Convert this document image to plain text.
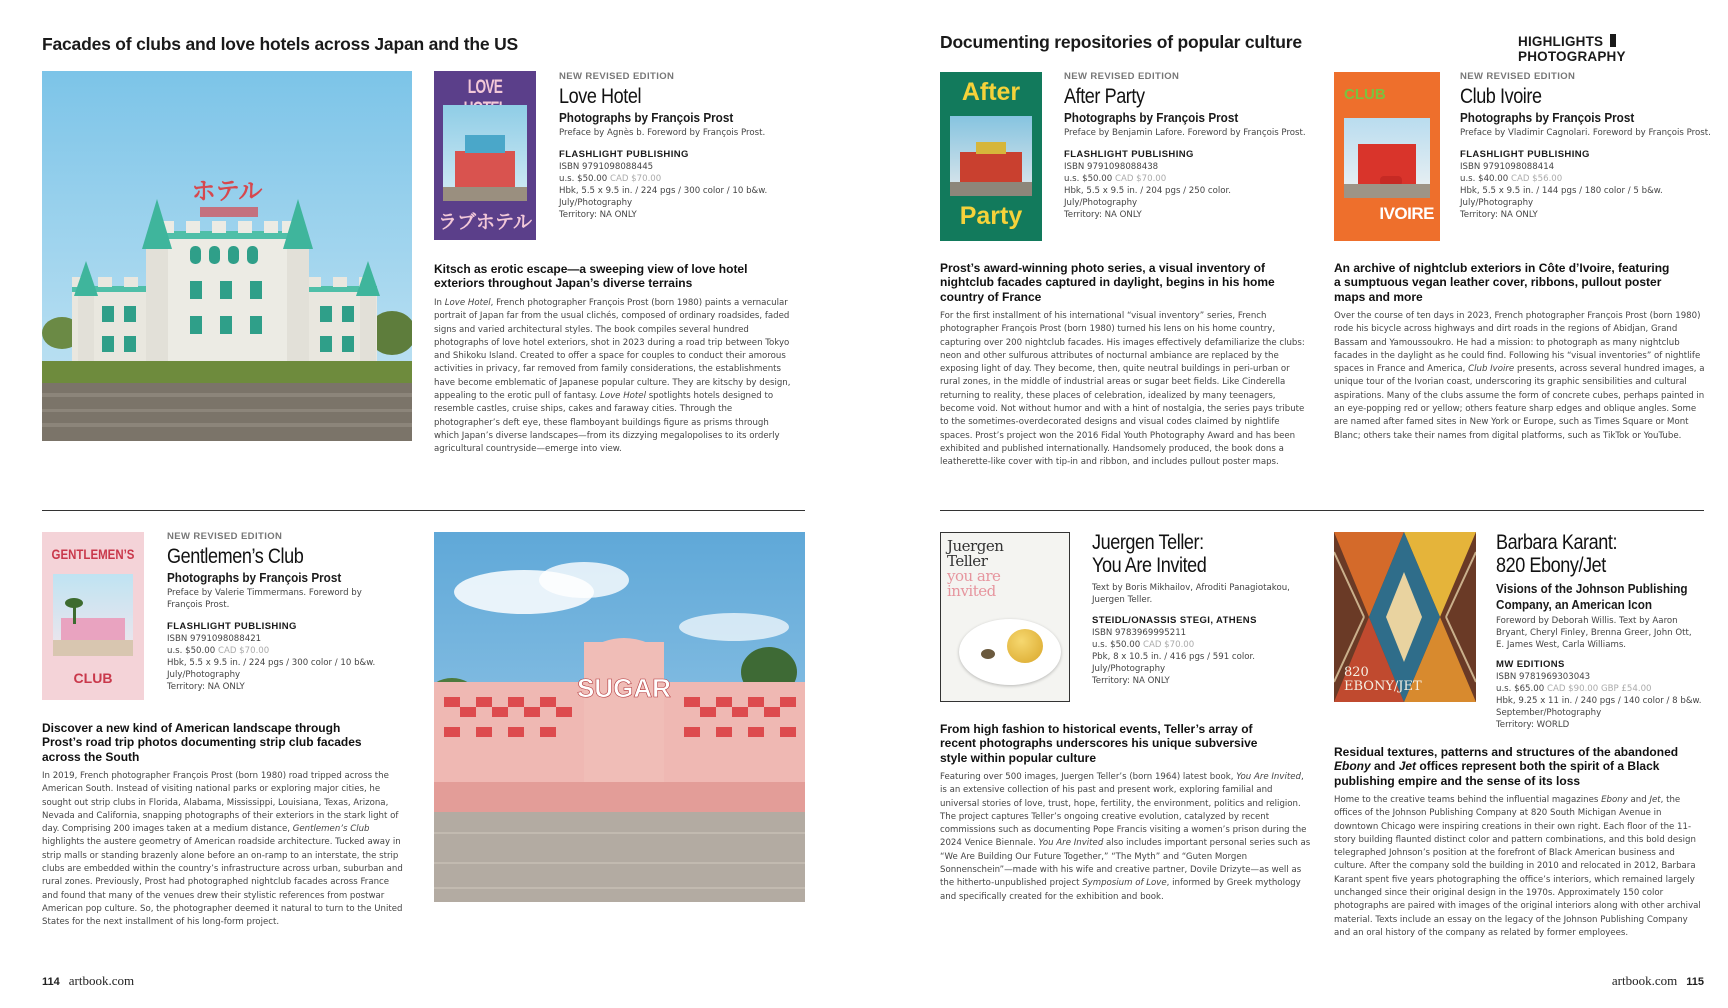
HIGHLIGHTSPHOTOGRAPHY
Facades of clubs and love hotels across Japan and the US
ホテル
LOVE
ラブホテル
NEW REVISED EDITION
Love Hotel
Photographs by François Prost
Preface by Agnès b. Foreword by François Prost.
FLASHLIGHT PUBLISHING
ISBN 9791098088445
u.s. $50.00 CAD $70.00
Hbk, 5.5 x 9.5 in. / 224 pgs / 300 color / 10 b&w.
July/Photography
Territory: NA ONLY
Kitsch as erotic escape—a sweeping view of love hotel exteriors throughout Japan’s diverse terrains
In Love Hotel, French photographer François Prost (born 1980) paints a vernacular portrait of Japan far from the usual clichés, composed of ordinary roadsides, faded signs and varied architectural styles. The book compiles several hundred photographs of love hotel exteriors, shot in 2023 during a road trip between Tokyo and Shikoku Island. Created to offer a space for couples to conduct their amorous activities in privacy, far removed from family considerations, the establishments have become emblematic of Japanese popular culture. They are kitschy by design, appealing to the erotic pull of fantasy. Love Hotel spotlights hotels designed to resemble castles, cruise ships, cakes and faraway cities. Through the photographer’s deft eye, these flamboyant buildings figure as prisms through which Japan’s diverse landscapes—from its dizzying megalopolises to its orderly agricultural countryside—emerge into view.
GENTLEMEN’S
CLUB
NEW REVISED EDITION
Gentlemen’s Club
Photographs by François Prost
Preface by Valerie Timmermans. Foreword by François Prost.
FLASHLIGHT PUBLISHING
ISBN 9791098088421
u.s. $50.00 CAD $70.00
Hbk, 5.5 x 9.5 in. / 224 pgs / 300 color / 10 b&w.
July/Photography
Territory: NA ONLY
Discover a new kind of American landscape through Prost’s road trip photos documenting strip club facades across the South
In 2019, French photographer François Prost (born 1980) road tripped across the American South. Instead of visiting national parks or exploring major cities, he sought out strip clubs in Florida, Alabama, Mississippi, Louisiana, Texas, Arizona, Nevada and California, snapping photographs of their exteriors in the stark light of day. Comprising 200 images taken at a medium distance, Gentlemen’s Club highlights the austere geometry of American roadside architecture. Tucked away in strip malls or standing brazenly alone before an on-ramp to an interstate, the strip clubs are embedded within the country’s infrastructure across urban, suburban and rural zones. Previously, Prost had photographed nightclub facades across France and found that many of the venues drew their stylistic references from postwar American pop culture. So, the photographer deemed it natural to turn to the United States for the next installment of his long-form project.
SUGAR
114 artbook.com
Documenting repositories of popular culture
After
Party
NEW REVISED EDITION
After Party
Photographs by François Prost
Preface by Benjamin Lafore. Foreword by François Prost.
FLASHLIGHT PUBLISHING
ISBN 9791098088438
u.s. $50.00 CAD $70.00
Hbk, 5.5 x 9.5 in. / 204 pgs / 250 color.
July/Photography
Territory: NA ONLY
Prost’s award-winning photo series, a visual inventory of nightclub facades captured in daylight, begins in his home country of France
For the first installment of his international “visual inventory” series, French photographer François Prost (born 1980) turned his lens on his home country, capturing over 200 nightclub facades. His images effectively defamiliarize the clubs: neon and other sulfurous attributes of nocturnal ambiance are replaced by the exposing light of day. They become, then, quite neutral buildings in peri-urban or rural zones, in the middle of industrial areas or sugar beet fields. Like Cinderella returning to reality, these places of celebration, idealized by many teenagers, become void. Not without humor and with a hint of nostalgia, the series pays tribute to the sometimes-overdecorated designs and visual codes claimed by nightlife spaces. Prost’s project won the 2016 Fidal Youth Photography Award and has been exhibited and published internationally. Handsomely produced, the book dons a leatherette-like cover with tip-in and ribbon, and includes pullout poster maps.
CLUB
IVOIRE
NEW REVISED EDITION
Club Ivoire
Photographs by François Prost
Preface by Vladimir Cagnolari. Foreword by François Prost.
FLASHLIGHT PUBLISHING
ISBN 9791098088414
u.s. $40.00 CAD $56.00
Hbk, 5.5 x 9.5 in. / 144 pgs / 180 color / 5 b&w.
July/Photography
Territory: NA ONLY
An archive of nightclub exteriors in Côte d’Ivoire, featuring a sumptuous vegan leather cover, ribbons, pullout poster maps and more
Over the course of ten days in 2023, French photographer François Prost (born 1980) rode his bicycle across highways and dirt roads in the regions of Abidjan, Grand Bassam and Yamoussoukro. He had a mission: to photograph as many nightclub facades in the daylight as he could find. Following his “visual inventories” of nightlife spaces in France and America, Club Ivoire presents, across several hundred images, a unique tour of the Ivorian coast, underscoring its graphic sensibilities and cultural aspirations. Many of the clubs assume the form of concrete cubes, perhaps painted in an eye-popping red or yellow; others feature sharp edges and oblique angles. Some are named after famed sites in New York or Europe, such as Times Square or Mont Blanc; others take their names from digital platforms, such as TikTok or YouTube.
Juergen
Teller
you are
invited
Juergen Teller:
You Are Invited
Text by Boris Mikhailov, Afroditi Panagiotakou, Juergen Teller.
STEIDL/ONASSIS STEGI, ATHENS
ISBN 9783969995211
u.s. $50.00 CAD $70.00
Pbk, 8 x 10.5 in. / 416 pgs / 591 color.
July/Photography
Territory: NA ONLY
From high fashion to historical events, Teller’s array of recent photographs underscores his unique subversive style within popular culture
Featuring over 500 images, Juergen Teller’s (born 1964) latest book, You Are Invited, is an extensive collection of his past and present work, exploring familial and universal stories of love, trust, hope, fertility, the environment, politics and religion. The project captures Teller’s ongoing creative evolution, catalyzed by recent commissions such as documenting Pope Francis visiting a women’s prison during the 2024 Venice Biennale. You Are Invited also includes important personal series such as “We Are Building Our Future Together,” “The Myth” and “Guten Morgen Sonnenschein”—made with his wife and creative partner, Dovile Drizyte—as well as the hitherto-unpublished project Symposium of Love, informed by Greek mythology and specifically created for the exhibition and book.
820 EBONY/JET
Barbara Karant:
820 Ebony/Jet
Visions of the Johnson Publishing
Company, an American Icon
Foreword by Deborah Willis. Text by Aaron Bryant, Cheryl Finley, Brenna Greer, John Ott, E. James West, Carla Williams.
MW EDITIONS
ISBN 9781969303043
u.s. $65.00 CAD $90.00 GBP £54.00
Hbk, 9.25 x 11 in. / 240 pgs / 140 color / 8 b&w.
September/Photography
Territory: WORLD
Residual textures, patterns and structures of the abandoned Ebony and Jet offices represent both the spirit of a Black publishing empire and the sense of its loss
Home to the creative teams behind the influential magazines Ebony and Jet, the offices of the Johnson Publishing Company at 820 South Michigan Avenue in downtown Chicago were inspiring creations in their own right. Each floor of the 11-story building flaunted distinct color and pattern combinations, and this bold design telegraphed Johnson’s position at the forefront of Black American business and culture. After the company sold the building in 2010 and relocated in 2012, Barbara Karant spent five years photographing the office’s interiors, which remained largely unchanged since their original design in the 1970s. Approximately 150 color photographs are paired with images of the original interiors along with other archival material. Texts include an essay on the legacy of the Johnson Publishing Company and an oral history of the company as related by former employees.
artbook.com 115
